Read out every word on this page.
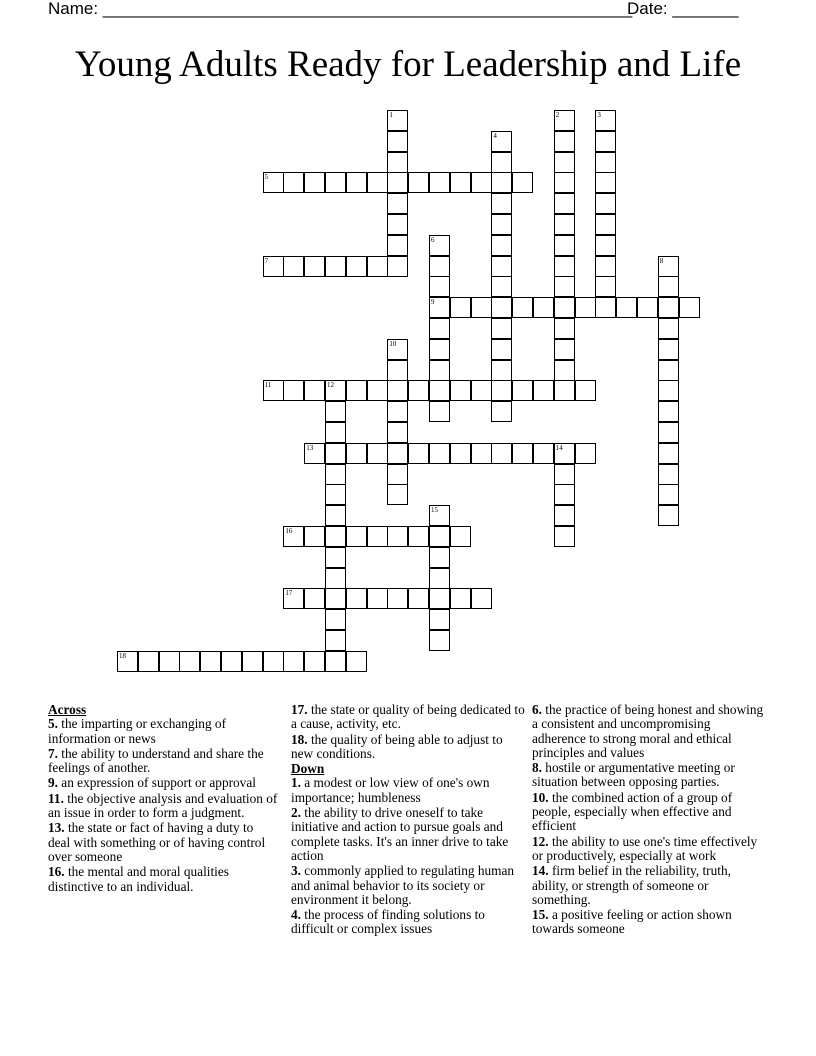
Name: ________________________________________________________
Date: _______
Young Adults Ready for Leadership and Life
5
7
9
11	12
13	14
16
17
18
1	2	3
4
6
8
10
15
Across
5. the imparting or exchanging of information or news
7. the ability to understand and share the feelings of another.
9. an expression of support or approval
11. the objective analysis and evaluation of an issue in order to form a judgment.
13. the state or fact of having a duty to deal with something or of having control over someone
16. the mental and moral qualities distinctive to an individual.
17. the state or quality of being dedicated to a cause, activity, etc.
18. the quality of being able to adjust to new conditions.
Down
1. a modest or low view of one's own importance; humbleness
2. the ability to drive oneself to take initiative and action to pursue goals and complete tasks. It's an inner drive to take action
3. commonly applied to regulating human and animal behavior to its society or environment it belong.
4. the process of finding solutions to difficult or complex issues
6. the practice of being honest and showing a consistent and uncompromising adherence to strong moral and ethical principles and values
8. hostile or argumentative meeting or situation between opposing parties.
10. the combined action of a group of people, especially when effective and efficient
12. the ability to use one's time effectively or productively, especially at work
14. firm belief in the reliability, truth, ability, or strength of someone or something.
15. a positive feeling or action shown towards someone
